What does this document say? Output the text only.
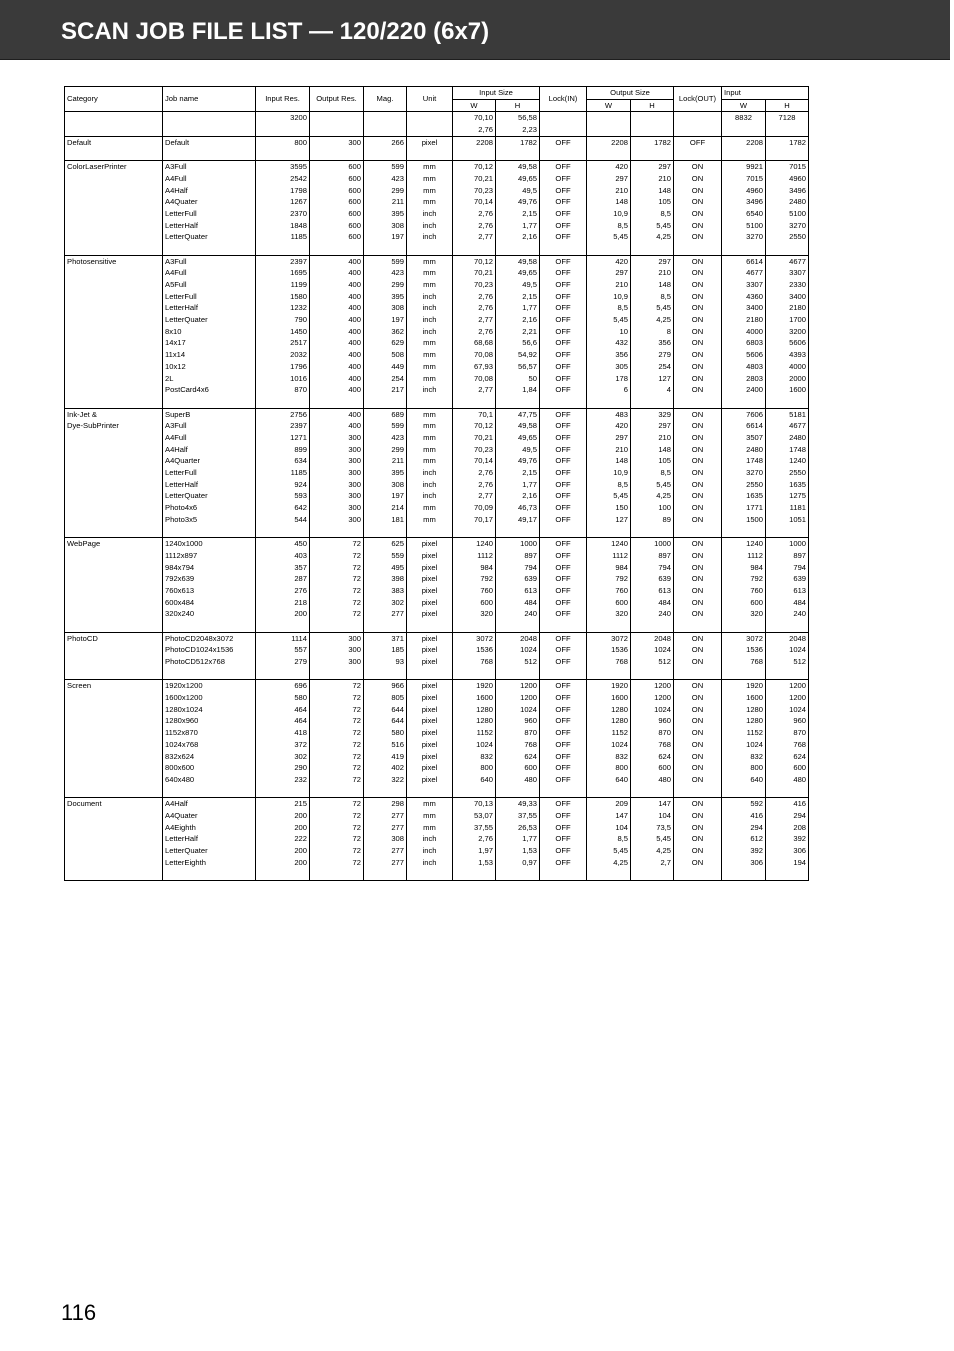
SCAN JOB FILE LIST — 120/220 (6x7)
Category	Job name	Input Res.	Output Res.	Mag.	Unit	Input Size		Lock(IN)	Output Size		Lock(OUT)	Input	
						W	H		W	H		W	H
		3200				70,10	56,58					8832	7128
						2,76	2,23						
Default	Default	800	300	266	pixel	2208	1782	OFF	2208	1782	OFF	2208	1782

ColorLaserPrinter	A3Full	3595	600	599	mm	70,12	49,58	OFF	420	297	ON	9921	7015
	A4Full	2542	600	423	mm	70,21	49,65	OFF	297	210	ON	7015	4960
	A4Half	1798	600	299	mm	70,23	49,5	OFF	210	148	ON	4960	3496
	A4Quater	1267	600	211	mm	70,14	49,76	OFF	148	105	ON	3496	2480
	LetterFull	2370	600	395	inch	2,76	2,15	OFF	10,9	8,5	ON	6540	5100
	LetterHalf	1848	600	308	inch	2,76	1,77	OFF	8,5	5,45	ON	5100	3270
	LetterQuater	1185	600	197	inch	2,77	2,16	OFF	5,45	4,25	ON	3270	2550

Photosensitive	A3Full	2397	400	599	mm	70,12	49,58	OFF	420	297	ON	6614	4677
	A4Full	1695	400	423	mm	70,21	49,65	OFF	297	210	ON	4677	3307
	A5Full	1199	400	299	mm	70,23	49,5	OFF	210	148	ON	3307	2330
	LetterFull	1580	400	395	inch	2,76	2,15	OFF	10,9	8,5	ON	4360	3400
	LetterHalf	1232	400	308	inch	2,76	1,77	OFF	8,5	5,45	ON	3400	2180
	LetterQuater	790	400	197	inch	2,77	2,16	OFF	5,45	4,25	ON	2180	1700
	8x10	1450	400	362	inch	2,76	2,21	OFF	10	8	ON	4000	3200
	14x17	2517	400	629	mm	68,68	56,6	OFF	432	356	ON	6803	5606
	11x14	2032	400	508	mm	70,08	54,92	OFF	356	279	ON	5606	4393
	10x12	1796	400	449	mm	67,93	56,57	OFF	305	254	ON	4803	4000
	2L	1016	400	254	mm	70,08	50	OFF	178	127	ON	2803	2000
	PostCard4x6	870	400	217	inch	2,77	1,84	OFF	6	4	ON	2400	1600

Ink-Jet &	SuperB	2756	400	689	mm	70,1	47,75	OFF	483	329	ON	7606	5181
Dye-SubPrinter	A3Full	2397	400	599	mm	70,12	49,58	OFF	420	297	ON	6614	4677
	A4Full	1271	300	423	mm	70,21	49,65	OFF	297	210	ON	3507	2480
	A4Half	899	300	299	mm	70,23	49,5	OFF	210	148	ON	2480	1748
	A4Quarter	634	300	211	mm	70,14	49,76	OFF	148	105	ON	1748	1240
	LetterFull	1185	300	395	inch	2,76	2,15	OFF	10,9	8,5	ON	3270	2550
	LetterHalf	924	300	308	inch	2,76	1,77	OFF	8,5	5,45	ON	2550	1635
	LetterQuater	593	300	197	inch	2,77	2,16	OFF	5,45	4,25	ON	1635	1275
	Photo4x6	642	300	214	mm	70,09	46,73	OFF	150	100	ON	1771	1181
	Photo3x5	544	300	181	mm	70,17	49,17	OFF	127	89	ON	1500	1051

WebPage	1240x1000	450	72	625	pixel	1240	1000	OFF	1240	1000	ON	1240	1000
	1112x897	403	72	559	pixel	1112	897	OFF	1112	897	ON	1112	897
	984x794	357	72	495	pixel	984	794	OFF	984	794	ON	984	794
	792x639	287	72	398	pixel	792	639	OFF	792	639	ON	792	639
	760x613	276	72	383	pixel	760	613	OFF	760	613	ON	760	613
	600x484	218	72	302	pixel	600	484	OFF	600	484	ON	600	484
	320x240	200	72	277	pixel	320	240	OFF	320	240	ON	320	240

PhotoCD	PhotoCD2048x3072	1114	300	371	pixel	3072	2048	OFF	3072	2048	ON	3072	2048
	PhotoCD1024x1536	557	300	185	pixel	1536	1024	OFF	1536	1024	ON	1536	1024
	PhotoCD512x768	279	300	93	pixel	768	512	OFF	768	512	ON	768	512

Screen	1920x1200	696	72	966	pixel	1920	1200	OFF	1920	1200	ON	1920	1200
	1600x1200	580	72	805	pixel	1600	1200	OFF	1600	1200	ON	1600	1200
	1280x1024	464	72	644	pixel	1280	1024	OFF	1280	1024	ON	1280	1024
	1280x960	464	72	644	pixel	1280	960	OFF	1280	960	ON	1280	960
	1152x870	418	72	580	pixel	1152	870	OFF	1152	870	ON	1152	870
	1024x768	372	72	516	pixel	1024	768	OFF	1024	768	ON	1024	768
	832x624	302	72	419	pixel	832	624	OFF	832	624	ON	832	624
	800x600	290	72	402	pixel	800	600	OFF	800	600	ON	800	600
	640x480	232	72	322	pixel	640	480	OFF	640	480	ON	640	480

Document	A4Half	215	72	298	mm	70,13	49,33	OFF	209	147	ON	592	416
	A4Quater	200	72	277	mm	53,07	37,55	OFF	147	104	ON	416	294
	A4Eighth	200	72	277	mm	37,55	26,53	OFF	104	73,5	ON	294	208
	LetterHalf	222	72	308	inch	2,76	1,77	OFF	8,5	5,45	ON	612	392
	LetterQuater	200	72	277	inch	1,97	1,53	OFF	5,45	4,25	ON	392	306
	LetterEighth	200	72	277	inch	1,53	0,97	OFF	4,25	2,7	ON	306	194

116
